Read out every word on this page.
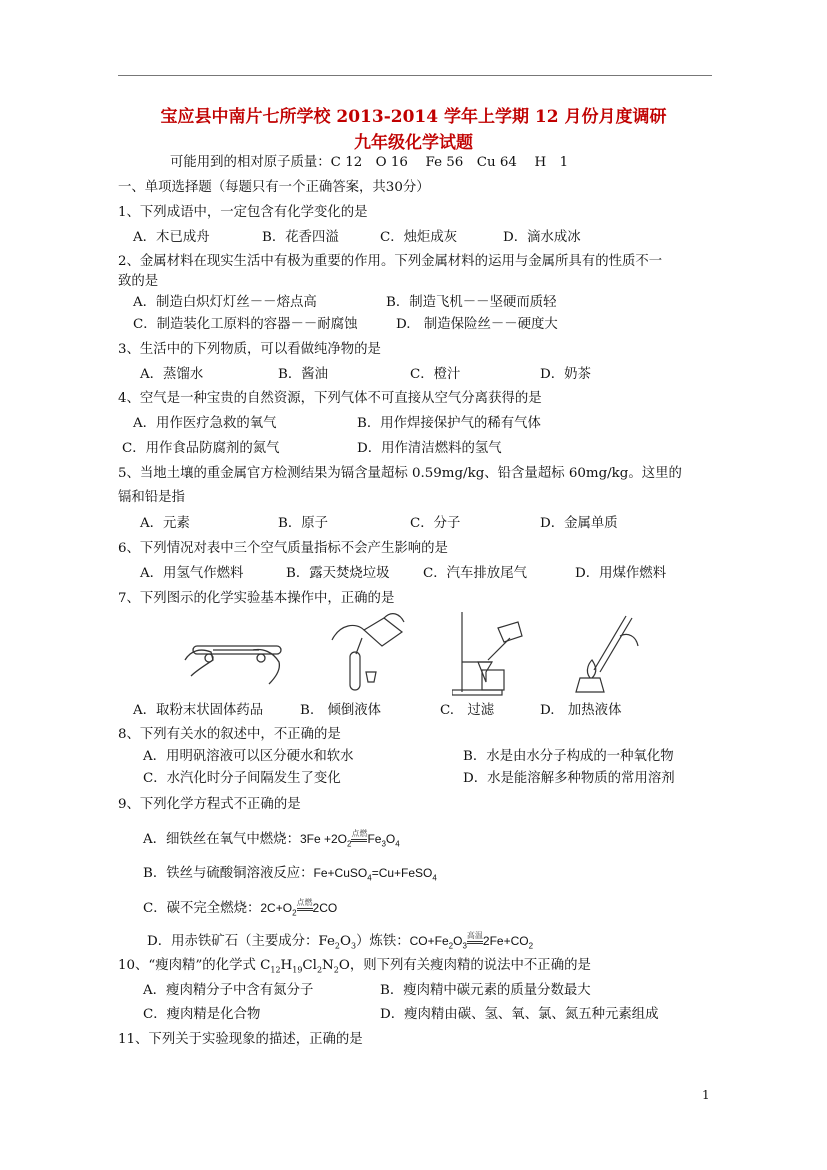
宝应县中南片七所学校 2013-2014 学年上学期 12 月份月度调研
九年级化学试题
可能用到的相对原子质量：C 12　O 16　 Fe 56　Cu 64　 H　1
一、单项选择题（每题只有一个正确答案，共30分）
1、下列成语中，一定包含有化学变化的是
A．木已成舟	B．花香四溢	C．烛炬成灰	D．滴水成冰
2、金属材料在现实生活中有极为重要的作用。下列金属材料的运用与金属所具有的性质不一
致的是
A．制造白炽灯灯丝－－熔点高	B．制造飞机－－坚硬而质轻
C．制造装化工原料的容器－－耐腐蚀	D.　制造保险丝－－硬度大
3、生活中的下列物质，可以看做纯净物的是
A．蒸馏水	B．酱油	C．橙汁	D．奶茶
4、空气是一种宝贵的自然资源，下列气体不可直接从空气分离获得的是
A．用作医疗急救的氧气	B．用作焊接保护气的稀有气体
C．用作食品防腐剂的氮气	D．用作清洁燃料的氢气
5、当地土壤的重金属官方检测结果为镉含量超标 0.59mg/kg、铅含量超标 60mg/kg。这里的
镉和铅是指
A．元素	B．原子	C．分子	D．金属单质
6、下列情况对表中三个空气质量指标不会产生影响的是
A．用氢气作燃料	B．露天焚烧垃圾 C．汽车排放尾气	D．用煤作燃料
7、下列图示的化学实验基本操作中，正确的是
A．取粉末状固体药品	B.　倾倒液体	C.　过滤	D.　加热液体
8、下列有关水的叙述中，不正确的是
A．用明矾溶液可以区分硬水和软水	B．水是由水分子构成的一种氧化物
C．水汽化时分子间隔发生了变化	D．水是能溶解多种物质的常用溶剂
9、下列化学方程式不正确的是
A．细铁丝在氧气中燃烧：$3Fe +2O_2$点燃$Fe_3O_4$
B．铁丝与硫酸铜溶液反应：Fe+CuSO$_4$=Cu+FeSO$_4$
C．碳不完全燃烧：$2C+O_2$点燃2CO
D．用赤铁矿石（主要成分：$Fe_2O_3$）炼铁：$CO+Fe_2O_3$高温$2Fe+CO_2$
10、“瘦肉精”的化学式 $C_{12}H_{19}Cl_2N_2O$，则下列有关瘦肉精的说法中不正确的是
A．瘦肉精分子中含有氮分子	B．瘦肉精中碳元素的质量分数最大
C．瘦肉精是化合物	D．瘦肉精由碳、氢、氧、氯、氮五种元素组成
11、下列关于实验现象的描述，正确的是
1
